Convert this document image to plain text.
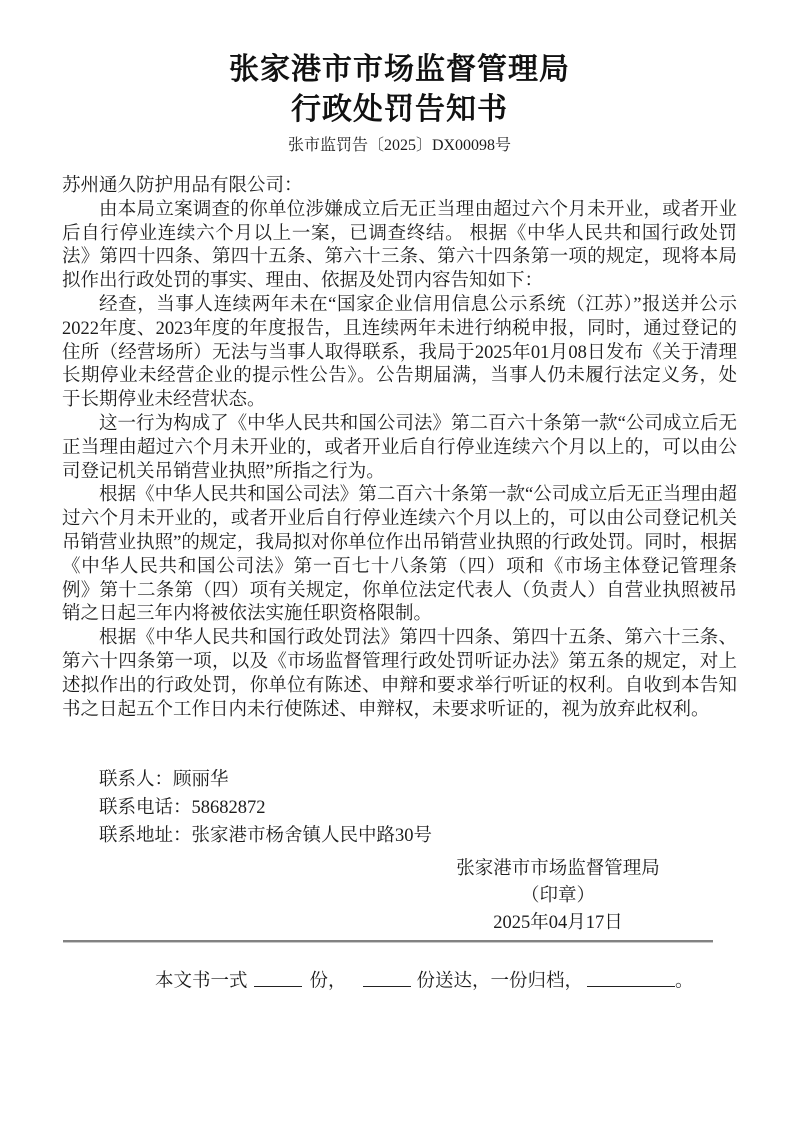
张家港市市场监督管理局
行政处罚告知书
张市监罚告〔2025〕DX00098号

苏州通久防护用品有限公司：

由本局立案调查的你单位涉嫌成立后无正当理由超过六个月未开业，或者开业后自行停业连续六个月以上一案，已调查终结。 根据《中华人民共和国行政处罚法》第四十四条、第四十五条、第六十三条、第六十四条第一项的规定，现将本局拟作出行政处罚的事实、理由、依据及处罚内容告知如下：

经查，当事人连续两年未在“国家企业信用信息公示系统（江苏）”报送并公示2022年度、2023年度的年度报告，且连续两年未进行纳税申报，同时，通过登记的住所（经营场所）无法与当事人取得联系，我局于2025年01月08日发布《关于清理长期停业未经营企业的提示性公告》。公告期届满，当事人仍未履行法定义务，处于长期停业未经营状态。

这一行为构成了《中华人民共和国公司法》第二百六十条第一款“公司成立后无正当理由超过六个月未开业的，或者开业后自行停业连续六个月以上的，可以由公司登记机关吊销营业执照”所指之行为。

根据《中华人民共和国公司法》第二百六十条第一款“公司成立后无正当理由超过六个月未开业的，或者开业后自行停业连续六个月以上的，可以由公司登记机关吊销营业执照”的规定，我局拟对你单位作出吊销营业执照的行政处罚。同时，根据《中华人民共和国公司法》第一百七十八条第（四）项和《市场主体登记管理条例》第十二条第（四）项有关规定，你单位法定代表人（负责人）自营业执照被吊销之日起三年内将被依法实施任职资格限制。

根据《中华人民共和国行政处罚法》第四十四条、第四十五条、第六十三条、第六十四条第一项，以及《市场监督管理行政处罚听证办法》第五条的规定，对上述拟作出的行政处罚，你单位有陈述、申辩和要求举行听证的权利。自收到本告知书之日起五个工作日内未行使陈述、申辩权，未要求听证的，视为放弃此权利。

联系人：顾丽华

联系电话：58682872

联系地址：张家港市杨舍镇人民中路30号

张家港市市场监督管理局

（印章）

2025年04月17日

本文书一式	份，	份送达，一份归档，	。
